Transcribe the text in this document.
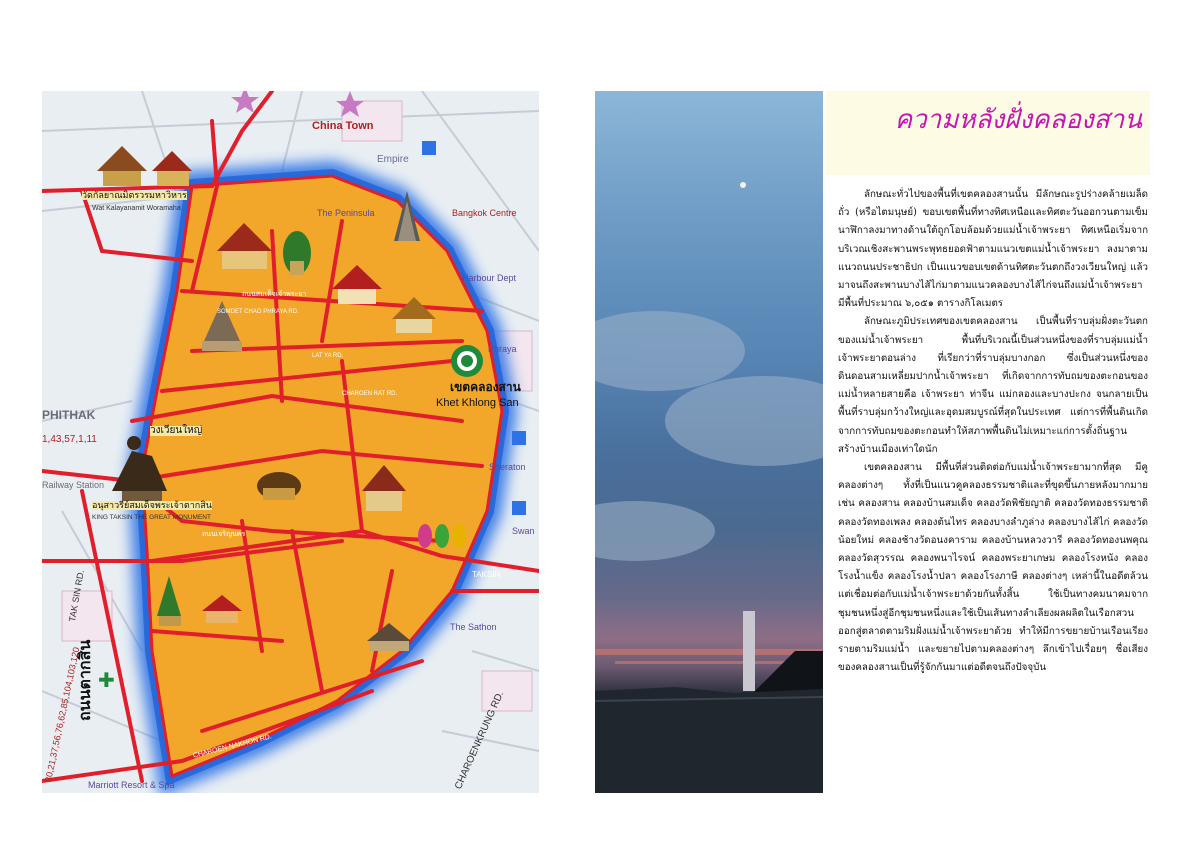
✚
China Town
Empire
วัดกัลยาณมิตรวรมหาวิหาร
Wat Kalayanamit Woramaha	The Peninsula	Bangkok Centre
Harbour Dept
Phraya
เขตคลองสาน
Khet Khlong San
PHITHAK
1,43,57,1,11
วงเวียนใหญ่
Railway Station
อนุสาวรีย์สมเด็จพระเจ้าตากสิน
KING TAKSIN THE GREAT MONUMENT
LAT YA RD.
CHAROEN RAT RD.
SOMDET CHAO PHRAYA RD.
ถนนเจริญนคร
ถนนสมเด็จเจ้าพระยา
CHAROEN NAKHON RD.
Sheraton
Swan
TAKSIN
The Sathon
TAK SIN RD.
ถนนตากสิน
30,21,37,56,76,62,85,104,103,120	CHAROENKRUNG RD.
Marriott Resort & Spa
ความหลังฝั่งคลองสาน

ลักษณะทั่วไปของพื้นที่เขตคลองสานนั้น มีลักษณะรูปร่างคล้ายเมล็ดถั่ว (หรือไตมนุษย์) ขอบเขตพื้นที่ทางทิศเหนือและทิศตะวันออกวนตามเข็มนาฬิกาลงมาทางด้านใต้ถูกโอบล้อมด้วยแม่น้ำเจ้าพระยา ทิศเหนือเริ่มจากบริเวณเชิงสะพานพระพุทธยอดฟ้าตามแนวเขตแม่น้ำเจ้าพระยา ลงมาตามแนวถนนประชาธิปก เป็นแนวขอบเขตด้านทิศตะวันตกถึงวงเวียนใหญ่ แล้วมาจนถึงสะพานบางไส้ไก่มาตามแนวคลองบางไส้ไก่จนถึงแม่น้ำเจ้าพระยา มีพื้นที่ประมาณ ๖,๐๕๑ ตารางกิโลเมตร

ลักษณะภูมิประเทศของเขตคลองสาน เป็นพื้นที่ราบลุ่มฝั่งตะวันตกของแม่น้ำเจ้าพระยา พื้นที่บริเวณนี้เป็นส่วนหนึ่งของที่ราบลุ่มแม่น้ำเจ้าพระยาตอนล่าง ที่เรียกว่าที่ราบลุ่มบางกอก ซึ่งเป็นส่วนหนึ่งของดินดอนสามเหลี่ยมปากน้ำเจ้าพระยา ที่เกิดจากการทับถมของตะกอนของแม่น้ำหลายสายคือ เจ้าพระยา ท่าจีน แม่กลองและบางปะกง จนกลายเป็นพื้นที่ราบลุ่มกว้างใหญ่และอุดมสมบูรณ์ที่สุดในประเทศ แต่การที่พื้นดินเกิดจากการทับถมของตะกอนทำให้สภาพพื้นดินไม่เหมาะแก่การตั้งถิ่นฐานสร้างบ้านเมืองเท่าใดนัก

เขตคลองสาน มีพื้นที่ส่วนติดต่อกับแม่น้ำเจ้าพระยามากที่สุด มีคูคลองต่างๆ ทั้งที่เป็นแนวคูคลองธรรมชาติและที่ขุดขึ้นภายหลังมากมาย เช่น คลองสาน คลองบ้านสมเด็จ คลองวัดพิชัยญาติ คลองวัดทองธรรมชาติ คลองวัดทองเพลง คลองต้นไทร คลองบางลำภูล่าง คลองบางไส้ไก่ คลองวัดน้อยใหม่ คลองช้างวัดอนงคาราม คลองบ้านหลวงวารี คลองวัดทองนพคุณ คลองวัดสุวรรณ คลองพนาไรจน์ คลองพระยาเกษม คลองโรงหนัง คลองโรงน้ำแข็ง คลองโรงน้ำปลา คลองโรงภาษี คลองต่างๆ เหล่านี้ในอดีตล้วนแต่เชื่อมต่อกับแม่น้ำเจ้าพระยาด้วยกันทั้งสิ้น ใช้เป็นทางคมนาคมจากชุมชนหนึ่งสู่อีกชุมชนหนึ่งและใช้เป็นเส้นทางลำเลียงผลผลิตในเรือกสวนออกสู่ตลาดตามริมฝั่งแม่น้ำเจ้าพระยาด้วย ทำให้มีการขยายบ้านเรือนเรียงรายตามริมแม่น้ำ และขยายไปตามคลองต่างๆ ลึกเข้าไปเรื่อยๆ ชื่อเสียงของคลองสานเป็นที่รู้จักกันมาแต่อดีตจนถึงปัจจุบัน
